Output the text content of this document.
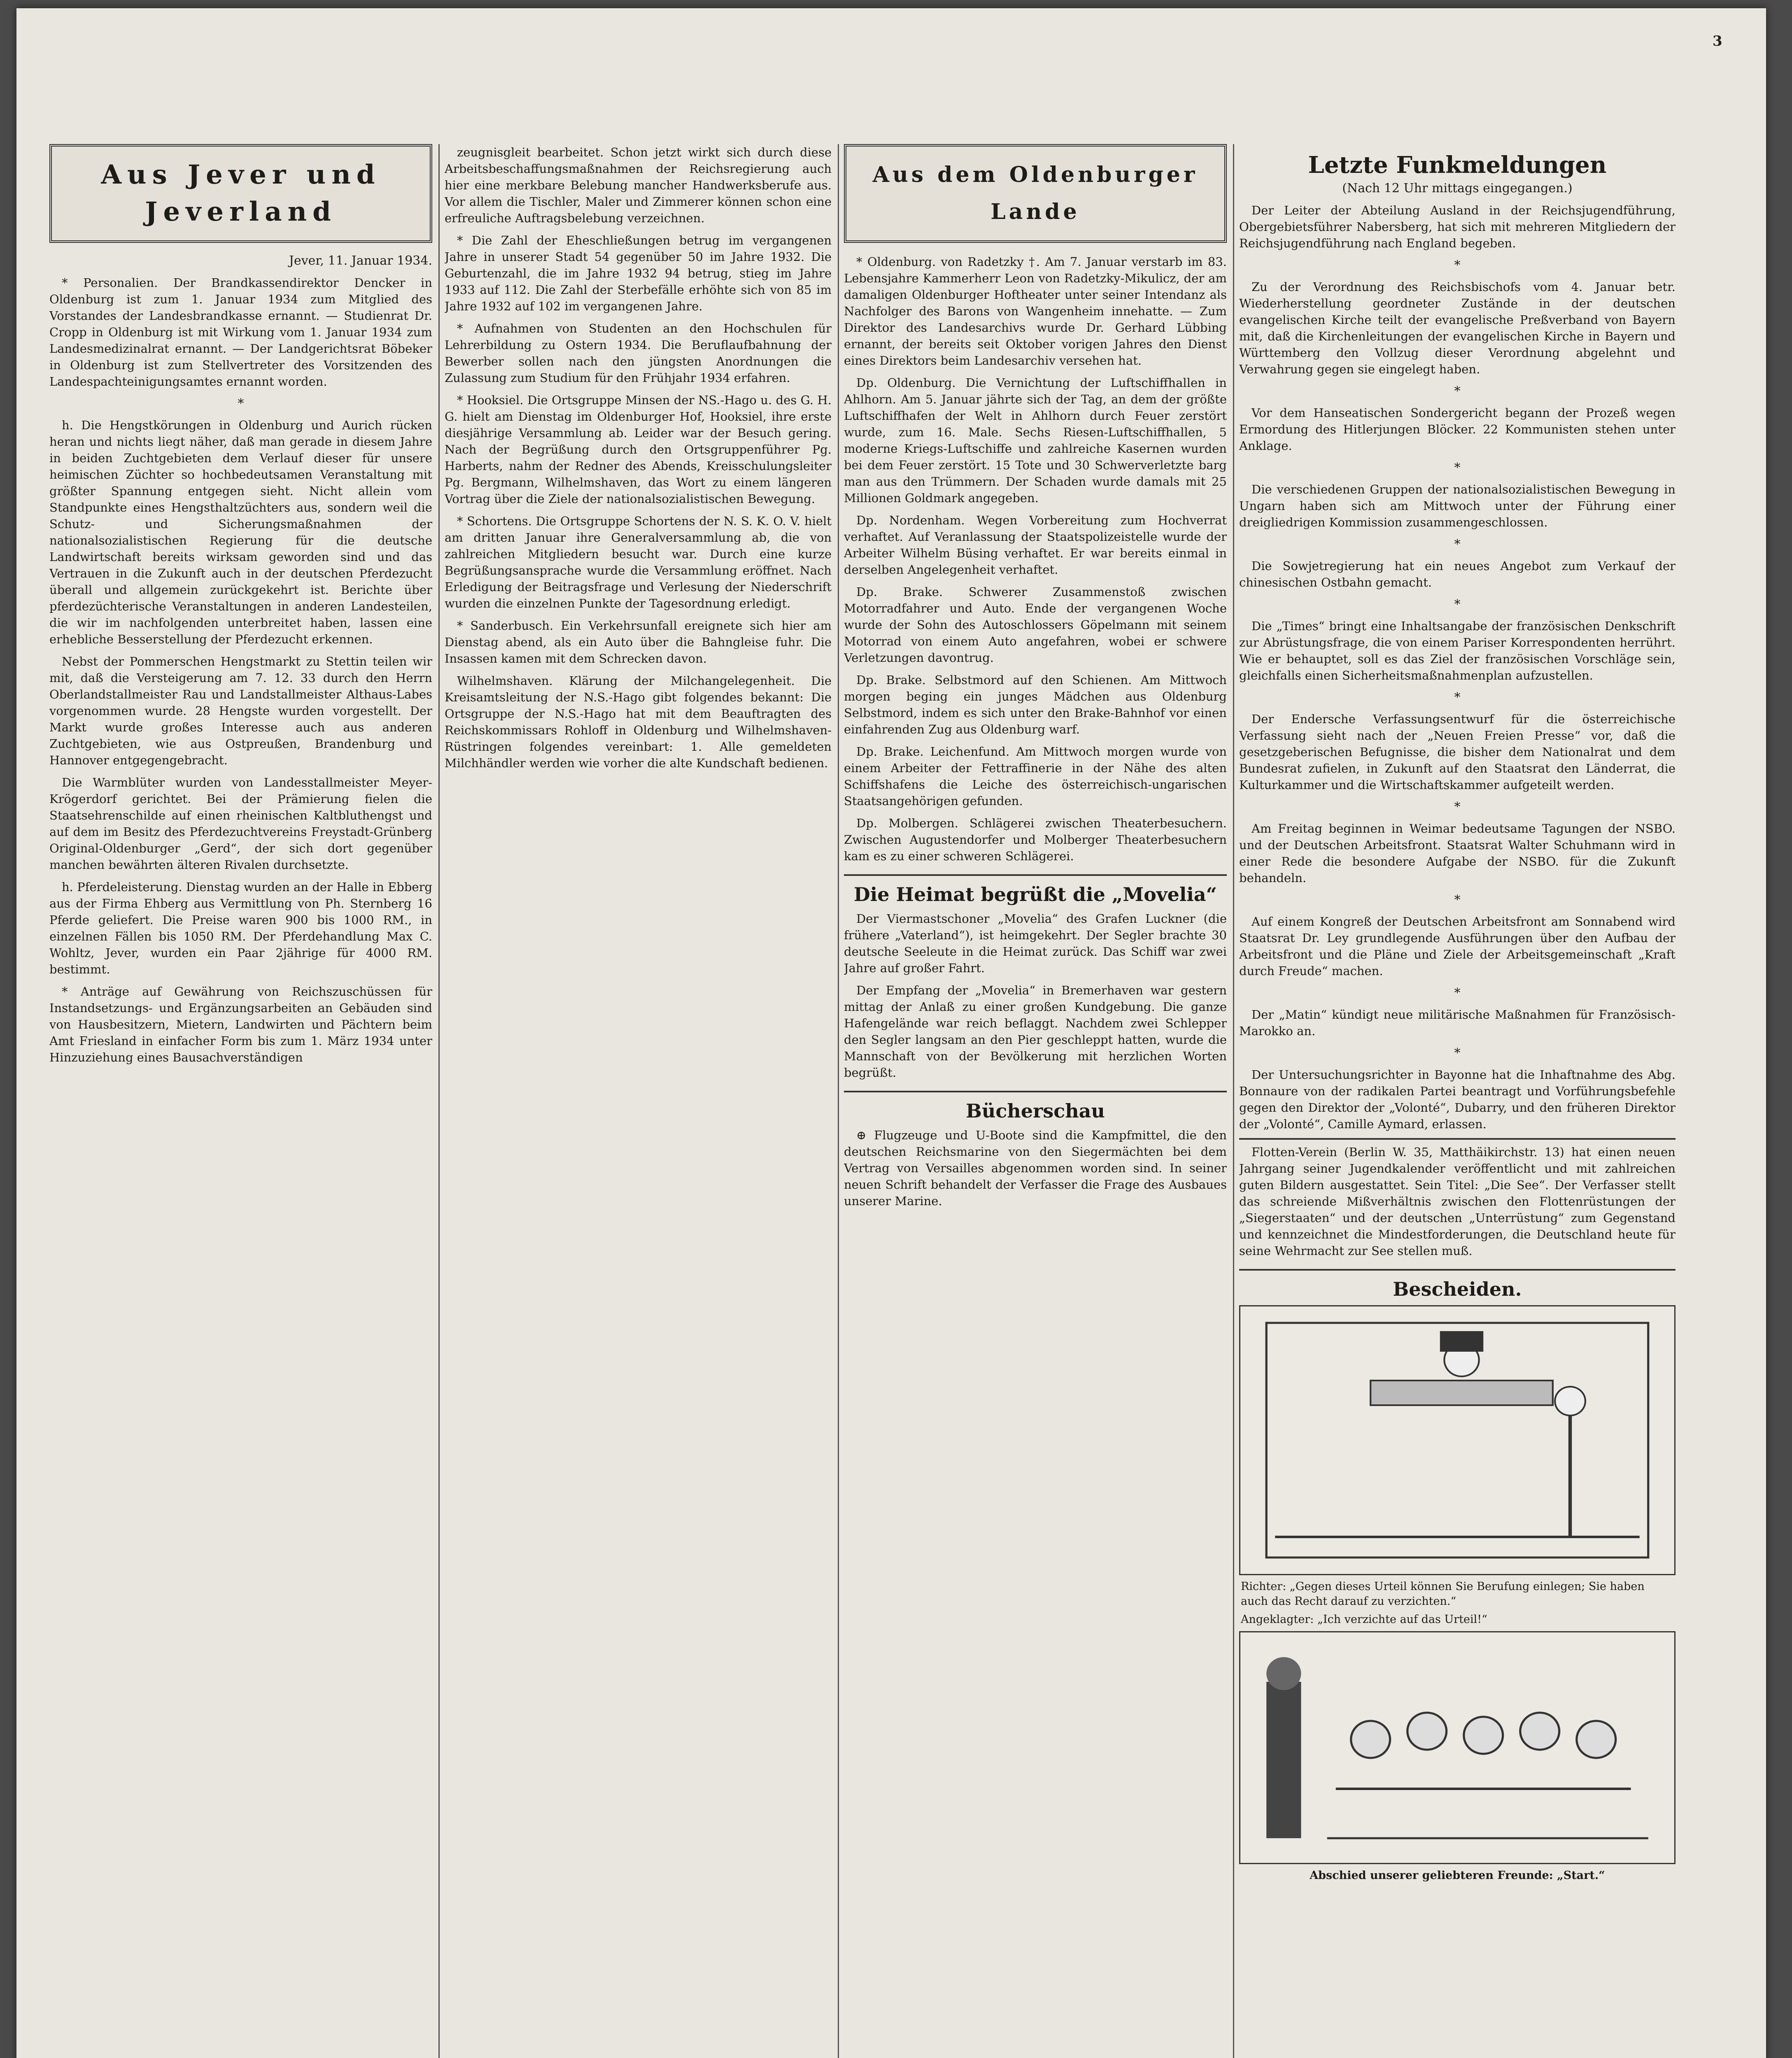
3
Aus Jever und Jeverland
Jever, 11. Januar 1934.

* Personalien. Der Brandkassendirektor Dencker in Oldenburg ist zum 1. Januar 1934 zum Mitglied des Vorstandes der Landesbrandkasse ernannt. — Studienrat Dr. Cropp in Oldenburg ist mit Wirkung vom 1. Januar 1934 zum Landesmedizinalrat ernannt. — Der Landgerichtsrat Böbeker in Oldenburg ist zum Stellvertreter des Vorsitzenden des Landespachteinigungsamtes ernannt worden.

*

h. Die Hengstkörungen in Oldenburg und Aurich rücken heran und nichts liegt näher, daß man gerade in diesem Jahre in beiden Zuchtgebieten dem Verlauf dieser für unsere heimischen Züchter so hochbedeutsamen Veranstaltung mit größter Spannung entgegen sieht. Nicht allein vom Standpunkte eines Hengsthaltzüchters aus, sondern weil die Schutz- und Sicherungsmaßnahmen der nationalsozialistischen Regierung für die deutsche Landwirtschaft bereits wirksam geworden sind und das Vertrauen in die Zukunft auch in der deutschen Pferdezucht überall und allgemein zurückgekehrt ist. Berichte über pferdezüchterische Veranstaltungen in anderen Landesteilen, die wir im nachfolgenden unterbreitet haben, lassen eine erhebliche Besserstellung der Pferdezucht erkennen.

Nebst der Pommerschen Hengstmarkt zu Stettin teilen wir mit, daß die Versteigerung am 7. 12. 33 durch den Herrn Oberlandstallmeister Rau und Landstallmeister Althaus-Labes vorgenommen wurde. 28 Hengste wurden vorgestellt. Der Markt wurde großes Interesse auch aus anderen Zuchtgebieten, wie aus Ostpreußen, Brandenburg und Hannover entgegengebracht.

Die Warmblüter wurden von Landesstallmeister Meyer-Krögerdorf gerichtet. Bei der Prämierung fielen die Staatsehrenschilde auf einen rheinischen Kaltbluthengst und auf dem im Besitz des Pferdezuchtvereins Freystadt-Grünberg Original-Oldenburger „Gerd“, der sich dort gegenüber manchen bewährten älteren Rivalen durchsetzte.

h. Pferdeleisterung. Dienstag wurden an der Halle in Ebberg aus der Firma Ehberg aus Vermittlung von Ph. Sternberg 16 Pferde geliefert. Die Preise waren 900 bis 1000 RM., in einzelnen Fällen bis 1050 RM. Der Pferdehandlung Max C. Wohltz, Jever, wurden ein Paar 2jährige für 4000 RM. bestimmt.

* Anträge auf Gewährung von Reichszuschüssen für Instandsetzungs- und Ergänzungsarbeiten an Gebäuden sind von Hausbesitzern, Mietern, Landwirten und Pächtern beim Amt Friesland in einfacher Form bis zum 1. März 1934 unter Hinzuziehung eines Bausachverständigen

zeugnisgleit bearbeitet. Schon jetzt wirkt sich durch diese Arbeitsbeschaffungsmaßnahmen der Reichsregierung auch hier eine merkbare Belebung mancher Handwerksberufe aus. Vor allem die Tischler, Maler und Zimmerer können schon eine erfreuliche Auftragsbelebung verzeichnen.

* Die Zahl der Eheschließungen betrug im vergangenen Jahre in unserer Stadt 54 gegenüber 50 im Jahre 1932. Die Geburtenzahl, die im Jahre 1932 94 betrug, stieg im Jahre 1933 auf 112. Die Zahl der Sterbefälle erhöhte sich von 85 im Jahre 1932 auf 102 im vergangenen Jahre.

* Aufnahmen von Studenten an den Hochschulen für Lehrerbildung zu Ostern 1934. Die Beruflaufbahnung der Bewerber sollen nach den jüngsten Anordnungen die Zulassung zum Studium für den Frühjahr 1934 erfahren.

* Hooksiel. Die Ortsgruppe Minsen der NS.-Hago u. des G. H. G. hielt am Dienstag im Oldenburger Hof, Hooksiel, ihre erste diesjährige Versammlung ab. Leider war der Besuch gering. Nach der Begrüßung durch den Ortsgruppenführer Pg. Harberts, nahm der Redner des Abends, Kreisschulungsleiter Pg. Bergmann, Wilhelmshaven, das Wort zu einem längeren Vortrag über die Ziele der nationalsozialistischen Bewegung.

* Schortens. Die Ortsgruppe Schortens der N. S. K. O. V. hielt am dritten Januar ihre Generalversammlung ab, die von zahlreichen Mitgliedern besucht war. Durch eine kurze Begrüßungsansprache wurde die Versammlung eröffnet. Nach Erledigung der Beitragsfrage und Verlesung der Niederschrift wurden die einzelnen Punkte der Tagesordnung erledigt.

* Sanderbusch. Ein Verkehrsunfall ereignete sich hier am Dienstag abend, als ein Auto über die Bahngleise fuhr. Die Insassen kamen mit dem Schrecken davon.

Wilhelmshaven. Klärung der Milchangelegenheit. Die Kreisamtsleitung der N.S.-Hago gibt folgendes bekannt: Die Ortsgruppe der N.S.-Hago hat mit dem Beauftragten des Reichskommissars Rohloff in Oldenburg und Wilhelmshaven-Rüstringen folgendes vereinbart: 1. Alle gemeldeten Milchhändler werden wie vorher die alte Kundschaft bedienen.

Aus dem Oldenburger Lande

* Oldenburg. von Radetzky †. Am 7. Januar verstarb im 83. Lebensjahre Kammerherr Leon von Radetzky-Mikulicz, der am damaligen Oldenburger Hoftheater unter seiner Intendanz als Nachfolger des Barons von Wangenheim innehatte. — Zum Direktor des Landesarchivs wurde Dr. Gerhard Lübbing ernannt, der bereits seit Oktober vorigen Jahres den Dienst eines Direktors beim Landesarchiv versehen hat.

Dp. Oldenburg. Die Vernichtung der Luftschiffhallen in Ahlhorn. Am 5. Januar jährte sich der Tag, an dem der größte Luftschiffhafen der Welt in Ahlhorn durch Feuer zerstört wurde, zum 16. Male. Sechs Riesen-Luftschiffhallen, 5 moderne Kriegs-Luftschiffe und zahlreiche Kasernen wurden bei dem Feuer zerstört. 15 Tote und 30 Schwerverletzte barg man aus den Trümmern. Der Schaden wurde damals mit 25 Millionen Goldmark angegeben.

Dp. Nordenham. Wegen Vorbereitung zum Hochverrat verhaftet. Auf Veranlassung der Staatspolizeistelle wurde der Arbeiter Wilhelm Büsing verhaftet. Er war bereits einmal in derselben Angelegenheit verhaftet.

Dp. Brake. Schwerer Zusammenstoß zwischen Motorradfahrer und Auto. Ende der vergangenen Woche wurde der Sohn des Autoschlossers Göpelmann mit seinem Motorrad von einem Auto angefahren, wobei er schwere Verletzungen davontrug.

Dp. Brake. Selbstmord auf den Schienen. Am Mittwoch morgen beging ein junges Mädchen aus Oldenburg Selbstmord, indem es sich unter den Brake-Bahnhof vor einen einfahrenden Zug aus Oldenburg warf.

Dp. Brake. Leichenfund. Am Mittwoch morgen wurde von einem Arbeiter der Fettraffinerie in der Nähe des alten Schiffshafens die Leiche des österreichisch-ungarischen Staatsangehörigen gefunden.

Dp. Molbergen. Schlägerei zwischen Theaterbesuchern. Zwischen Augustendorfer und Molberger Theaterbesuchern kam es zu einer schweren Schlägerei.

Die Heimat begrüßt die „Movelia“

Der Viermastschoner „Movelia“ des Grafen Luckner (die frühere „Vaterland“), ist heimgekehrt. Der Segler brachte 30 deutsche Seeleute in die Heimat zurück. Das Schiff war zwei Jahre auf großer Fahrt.

Der Empfang der „Movelia“ in Bremerhaven war gestern mittag der Anlaß zu einer großen Kundgebung. Die ganze Hafengelände war reich beflaggt. Nachdem zwei Schlepper den Segler langsam an den Pier geschleppt hatten, wurde die Mannschaft von der Bevölkerung mit herzlichen Worten begrüßt.

Bücherschau

⊕ Flugzeuge und U-Boote sind die Kampfmittel, die den deutschen Reichsmarine von den Siegermächten bei dem Vertrag von Versailles abgenommen worden sind. In seiner neuen Schrift behandelt der Verfasser die Frage des Ausbaues unserer Marine.

Letzte Funkmeldungen
(Nach 12 Uhr mittags eingegangen.)

Der Leiter der Abteilung Ausland in der Reichsjugendführung, Obergebietsführer Nabersberg, hat sich mit mehreren Mitgliedern der Reichsjugendführung nach England begeben.

*

Zu der Verordnung des Reichsbischofs vom 4. Januar betr. Wiederherstellung geordneter Zustände in der deutschen evangelischen Kirche teilt der evangelische Preßverband von Bayern mit, daß die Kirchenleitungen der evangelischen Kirche in Bayern und Württemberg den Vollzug dieser Verordnung abgelehnt und Verwahrung gegen sie eingelegt haben.

*

Vor dem Hanseatischen Sondergericht begann der Prozeß wegen Ermordung des Hitlerjungen Blöcker. 22 Kommunisten stehen unter Anklage.

*

Die verschiedenen Gruppen der nationalsozialistischen Bewegung in Ungarn haben sich am Mittwoch unter der Führung einer dreigliedrigen Kommission zusammengeschlossen.

*

Die Sowjetregierung hat ein neues Angebot zum Verkauf der chinesischen Ostbahn gemacht.

*

Die „Times“ bringt eine Inhaltsangabe der französischen Denkschrift zur Abrüstungsfrage, die von einem Pariser Korrespondenten herrührt. Wie er behauptet, soll es das Ziel der französischen Vorschläge sein, gleichfalls einen Sicherheitsmaßnahmenplan aufzustellen.

*

Der Endersche Verfassungsentwurf für die österreichische Verfassung sieht nach der „Neuen Freien Presse“ vor, daß die gesetzgeberischen Befugnisse, die bisher dem Nationalrat und dem Bundesrat zufielen, in Zukunft auf den Staatsrat den Länderrat, die Kulturkammer und die Wirtschaftskammer aufgeteilt werden.

*

Am Freitag beginnen in Weimar bedeutsame Tagungen der NSBO. und der Deutschen Arbeitsfront. Staatsrat Walter Schuhmann wird in einer Rede die besondere Aufgabe der NSBO. für die Zukunft behandeln.

*

Auf einem Kongreß der Deutschen Arbeitsfront am Sonnabend wird Staatsrat Dr. Ley grundlegende Ausführungen über den Aufbau der Arbeitsfront und die Pläne und Ziele der Arbeitsgemeinschaft „Kraft durch Freude“ machen.

*

Der „Matin“ kündigt neue militärische Maßnahmen für Französisch-Marokko an.

*

Der Untersuchungsrichter in Bayonne hat die Inhaftnahme des Abg. Bonnaure von der radikalen Partei beantragt und Vorführungsbefehle gegen den Direktor der „Volonté“, Dubarry, und den früheren Direktor der „Volonté“, Camille Aymard, erlassen.

Flotten-Verein (Berlin W. 35, Matthäikirchstr. 13) hat einen neuen Jahrgang seiner Jugendkalender veröffentlicht und mit zahlreichen guten Bildern ausgestattet. Sein Titel: „Die See“. Der Verfasser stellt das schreiende Mißverhältnis zwischen den Flottenrüstungen der „Siegerstaaten“ und der deutschen „Unterrüstung“ zum Gegenstand und kennzeichnet die Mindestforderungen, die Deutschland heute für seine Wehrmacht zur See stellen muß.

Bescheiden.
Richter: „Gegen dieses Urteil können Sie Berufung einlegen; Sie haben auch das Recht darauf zu verzichten.“
Angeklagter: „Ich verzichte auf das Urteil!“
Abschied unserer geliebteren Freunde: „Start.“
